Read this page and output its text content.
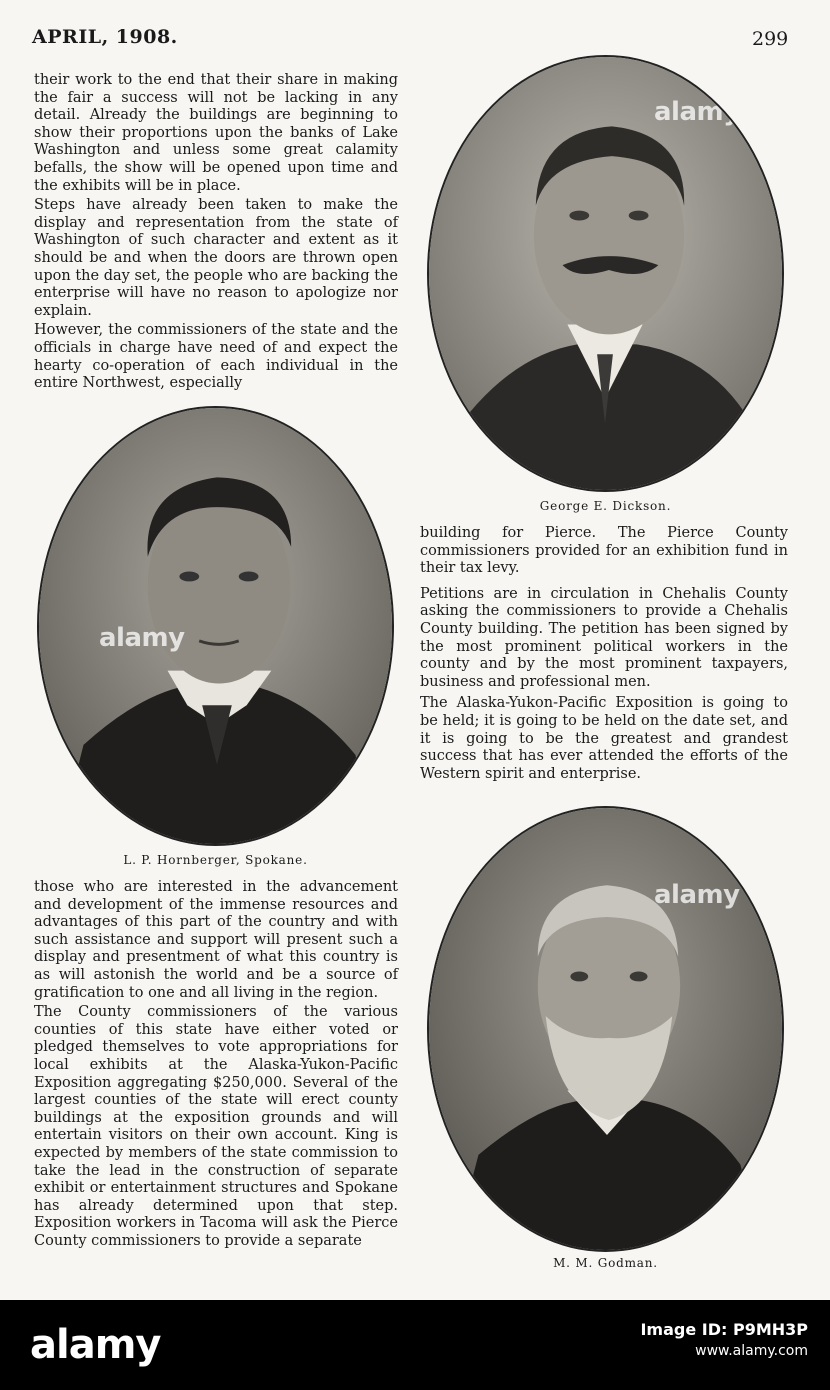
APRIL, 1908.	299

their work to the end that their share in making the fair a success will not be lacking in any detail. Already the buildings are beginning to show their proportions upon the banks of Lake Washington and unless some great calamity befalls, the show will be opened upon time and the exhibits will be in place.

Steps have already been taken to make the display and representation from the state of Washington of such character and extent as it should be and when the doors are thrown open upon the day set, the people who are backing the enterprise will have no reason to apologize nor explain.

However, the commissioners of the state and the officials in charge have need of and expect the hearty co-operation of each individual in the entire Northwest, especially

alamy
George E. Dickson.
alamy
L. P. Hornberger, Spokane.

building for Pierce. The Pierce County commissioners provided for an exhibition fund in their tax levy.

Petitions are in circulation in Chehalis County asking the commissioners to provide a Chehalis County building. The petition has been signed by the most prominent political workers in the county and by the most prominent taxpayers, business and professional men.

The Alaska-Yukon-Pacific Exposition is going to be held; it is going to be held on the date set, and it is going to be the greatest and grandest success that has ever attended the efforts of the Western spirit and enterprise.

those who are interested in the advancement and development of the immense resources and advantages of this part of the country and with such assistance and support will present such a display and presentment of what this country is as will astonish the world and be a source of gratification to one and all living in the region.

The County commissioners of the various counties of this state have either voted or pledged themselves to vote appropriations for local exhibits at the Alaska-Yukon-Pacific Exposition aggregating $250,000. Several of the largest counties of the state will erect county buildings at the exposition grounds and will entertain visitors on their own account. King is expected by members of the state commission to take the lead in the construction of separate exhibit or entertainment structures and Spokane has already determined upon that step. Exposition workers in Tacoma will ask the Pierce County commissioners to provide a separate

alamy
M. M. Godman.
alamy	Image ID: P9MH3P
www.alamy.com
